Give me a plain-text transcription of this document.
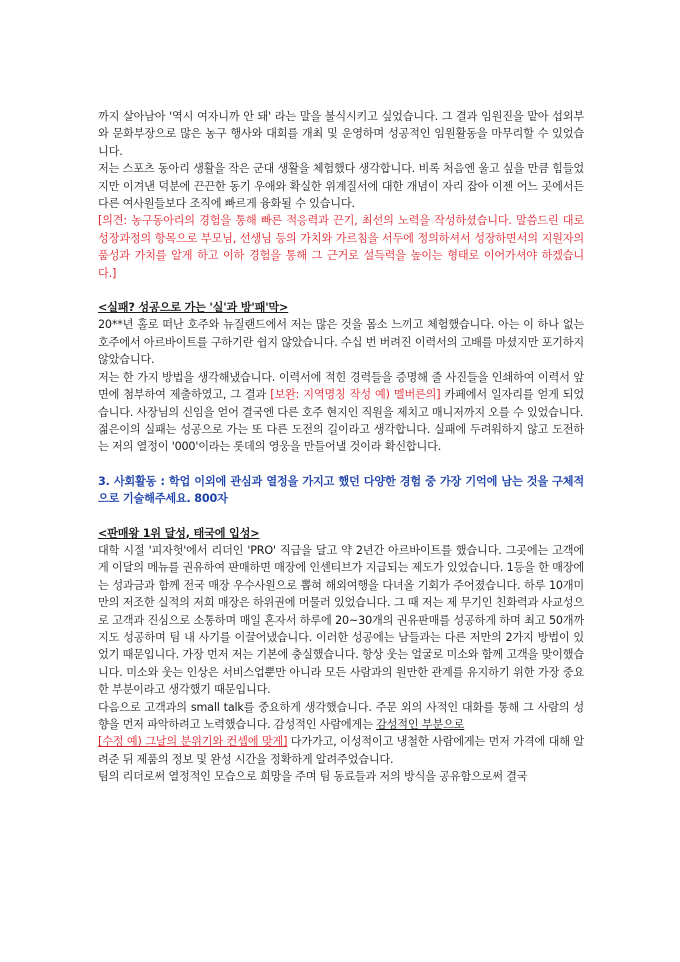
까지 살아남아 '역시 여자니까 안 돼' 라는 말을 불식시키고 싶었습니다. 그 결과 임원진을 맡아 섭외부와 문화부장으로 많은 농구 행사와 대회를 개최 및 운영하며 성공적인 임원활동을 마무리할 수 있었습니다.

저는 스포츠 동아리 생활을 작은 군대 생활을 체험했다 생각합니다. 비록 처음엔 울고 싶을 만큼 힘들었지만 이겨낸 덕분에 끈끈한 동기 우애와 확실한 위계질서에 대한 개념이 자리 잡아 이젠 어느 곳에서든 다른 여사원들보다 조직에 빠르게 융화될 수 있습니다.

[의견: 농구동아리의 경험을 통해 빠른 적응력과 끈기, 최선의 노력을 작성하셨습니다. 말씀드린 대로 성장과정의 항목으로 부모님, 선생님 등의 가치와 가르침을 서두에 정의하셔서 성장하면서의 지원자의 품성과 가치를 알게 하고 이하 경험을 통해 그 근거로 설득력을 높이는 형태로 이어가셔야 하겠습니다.]

<실패? 성공으로 가는 '실'과 방'패'막>

20**년 홀로 떠난 호주와 뉴질랜드에서 저는 많은 것을 몸소 느끼고 체험했습니다. 아는 이 하나 없는 호주에서 아르바이트를 구하기란 쉽지 않았습니다. 수십 번 버려진 이력서의 고배를 마셨지만 포기하지 않았습니다.

저는 한 가지 방법을 생각해냈습니다. 이력서에 적힌 경력들을 증명해 줄 사진들을 인쇄하여 이력서 앞면에 첨부하여 제출하였고, 그 결과 [보완: 지역명칭 작성 예) 멜버른의] 카페에서 일자리를 얻게 되었습니다. 사장님의 신임을 얻어 결국엔 다른 호주 현지인 직원을 제치고 매니저까지 오를 수 있었습니다.

젊은이의 실패는 성공으로 가는 또 다른 도전의 길이라고 생각합니다. 실패에 두려워하지 않고 도전하는 저의 열정이 '000'이라는 롯데의 영웅을 만들어낼 것이라 확신합니다.

3. 사회활동 : 학업 이외에 관심과 열정을 가지고 했던 다양한 경험 중 가장 기억에 남는 것을 구체적으로 기술해주세요. 800자

<판매왕 1위 달성, 태국에 입성>

대학 시절 '피자헛'에서 리더인 'PRO' 직급을 달고 약 2년간 아르바이트를 했습니다. 그곳에는 고객에게 이달의 메뉴를 권유하여 판매하면 매장에 인센티브가 지급되는 제도가 있었습니다. 1등을 한 매장에는 성과금과 함께 전국 매장 우수사원으로 뽑혀 해외여행을 다녀올 기회가 주어졌습니다. 하루 10개미만의 저조한 실적의 저희 매장은 하위권에 머물러 있었습니다. 그 때 저는 제 무기인 친화력과 사교성으로 고객과 진심으로 소통하며 매일 혼자서 하루에 20~30개의 권유판매를 성공하게 하며 최고 50개까지도 성공하며 팀 내 사기를 이끌어냈습니다. 이러한 성공에는 남들과는 다른 저만의 2가지 방법이 있었기 때문입니다. 가장 먼저 저는 기본에 충실했습니다. 항상 웃는 얼굴로 미소와 함께 고객을 맞이했습니다. 미소와 웃는 인상은 서비스업뿐만 아니라 모든 사람과의 원만한 관계를 유지하기 위한 가장 중요한 부분이라고 생각했기 때문입니다.

다음으로 고객과의 small talk를 중요하게 생각했습니다. 주문 외의 사적인 대화를 통해 그 사람의 성향을 먼저 파악하려고 노력했습니다. 감성적인 사람에게는 감성적인 부분으로
[수정 예) 그날의 분위기와 컨셉에 맞게] 다가가고, 이성적이고 냉철한 사람에게는 먼저 가격에 대해 알려준 뒤 제품의 정보 및 완성 시간을 정확하게 알려주었습니다.

팀의 리더로써 열정적인 모습으로 희망을 주며 팀 동료들과 저의 방식을 공유함으로써 결국
